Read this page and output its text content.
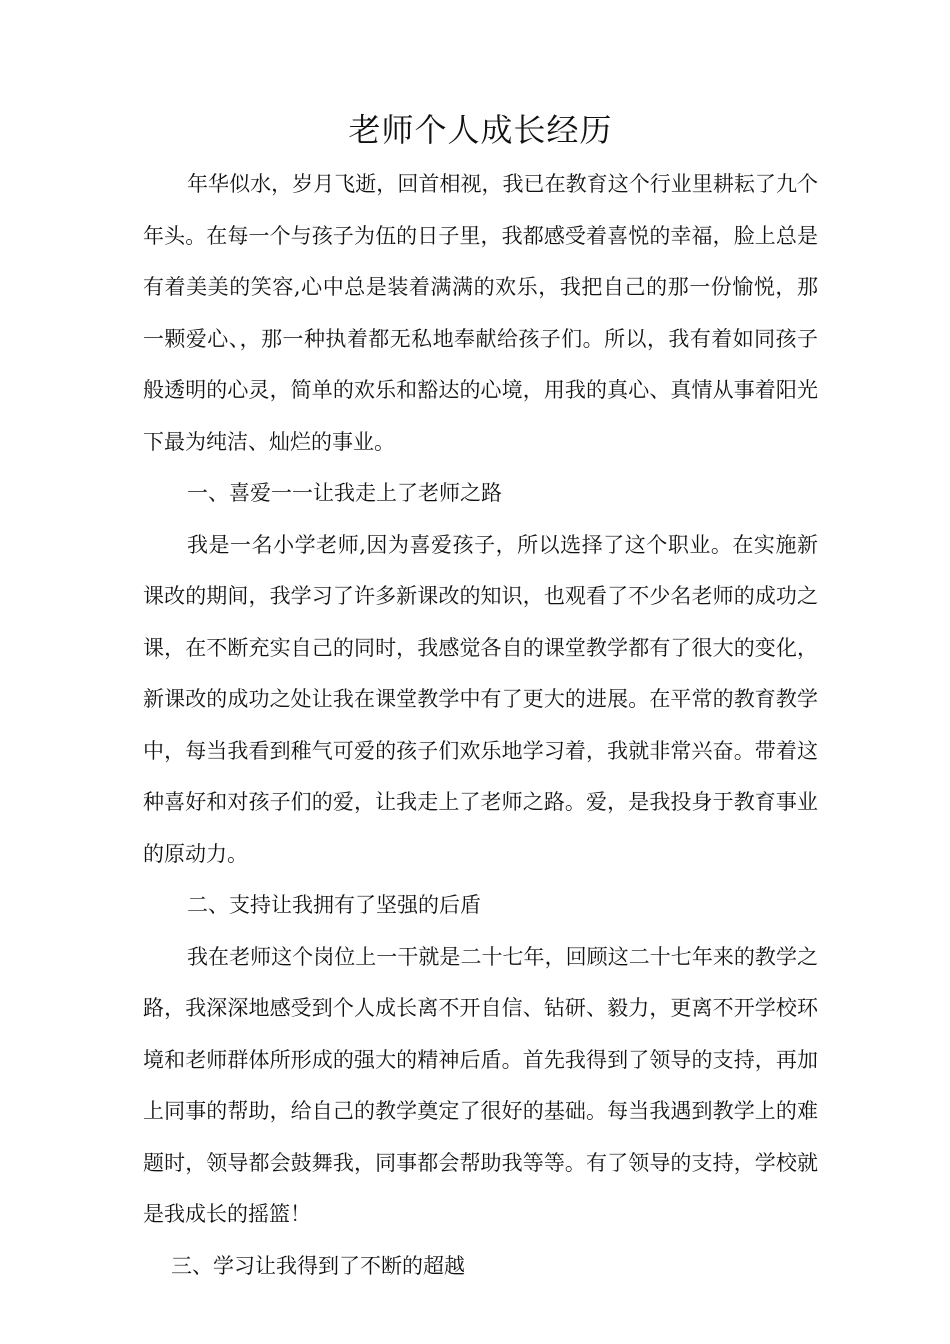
老师个人成长经历

年华似水，岁月飞逝，回首相视，我已在教育这个行业里耕耘了九个年头。在每一个与孩子为伍的日子里，我都感受着喜悦的幸福，脸上总是有着美美的笑容,心中总是装着满满的欢乐，我把自己的那一份愉悦，那一颗爱心、，那一种执着都无私地奉献给孩子们。所以，我有着如同孩子般透明的心灵，简单的欢乐和豁达的心境，用我的真心、真情从事着阳光下最为纯洁、灿烂的事业。

一、喜爱一一让我走上了老师之路

我是一名小学老师,因为喜爱孩子，所以选择了这个职业。在实施新课改的期间，我学习了许多新课改的知识，也观看了不少名老师的成功之课，在不断充实自己的同时，我感觉各自的课堂教学都有了很大的变化，新课改的成功之处让我在课堂教学中有了更大的进展。在平常的教育教学中，每当我看到稚气可爱的孩子们欢乐地学习着，我就非常兴奋。带着这种喜好和对孩子们的爱，让我走上了老师之路。爱，是我投身于教育事业的原动力。

二、支持让我拥有了坚强的后盾

我在老师这个岗位上一干就是二十七年，回顾这二十七年来的教学之路，我深深地感受到个人成长离不开自信、钻研、毅力，更离不开学校环境和老师群体所形成的强大的精神后盾。首先我得到了领导的支持，再加上同事的帮助，给自己的教学奠定了很好的基础。每当我遇到教学上的难题时，领导都会鼓舞我，同事都会帮助我等等。有了领导的支持，学校就是我成长的摇篮！

三、学习让我得到了不断的超越
